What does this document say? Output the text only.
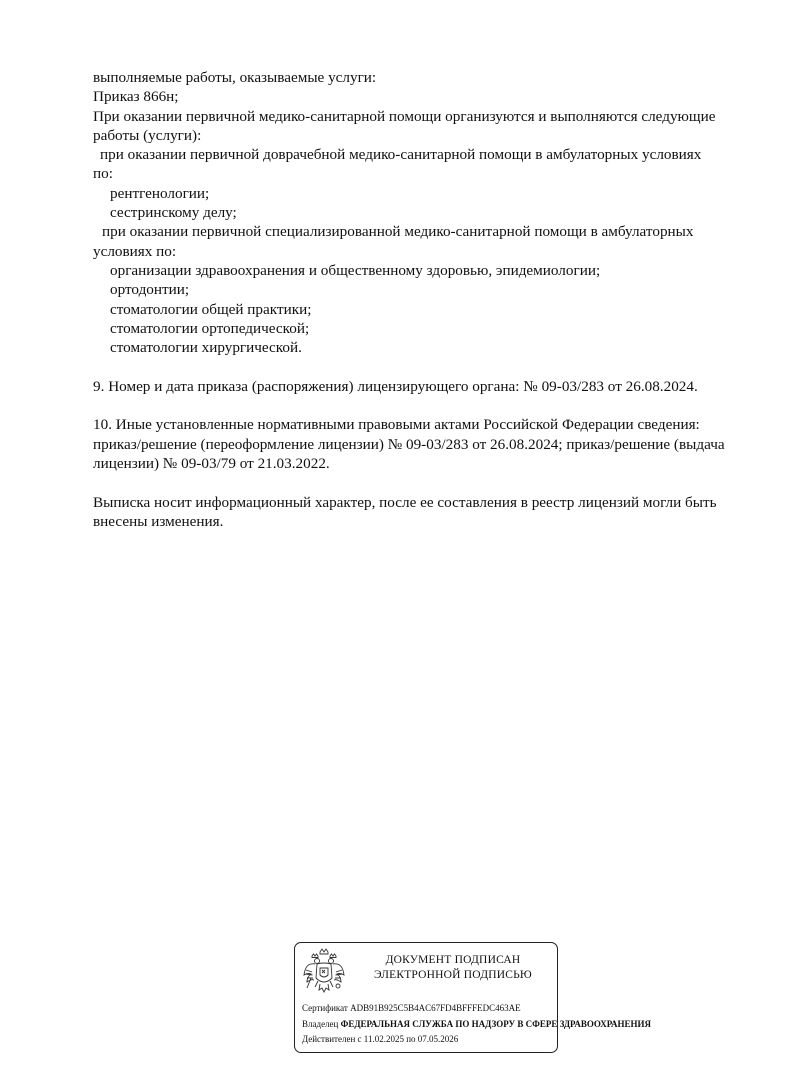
выполняемые работы, оказываемые услуги:
Приказ 866н;
При оказании первичной медико-санитарной помощи организуются и выполняются следующие
работы (услуги):
при оказании первичной доврачебной медико-санитарной помощи в амбулаторных условиях
по:
рентгенологии;
сестринскому делу;
при оказании первичной специализированной медико-санитарной помощи в амбулаторных
условиях по:
организации здравоохранения и общественному здоровью, эпидемиологии;
ортодонтии;
стоматологии общей практики;
стоматологии ортопедической;
стоматологии хирургической.
9. Номер и дата приказа (распоряжения) лицензирующего органа: № 09-03/283 от 26.08.2024.
10. Иные установленные нормативными правовыми актами Российской Федерации сведения:
приказ/решение (переоформление лицензии) № 09-03/283 от 26.08.2024; приказ/решение (выдача
лицензии) № 09-03/79 от 21.03.2022.
Выписка носит информационный характер, после ее составления в реестр лицензий могли быть
внесены изменения.
ДОКУМЕНТ ПОДПИСАН
ЭЛЕКТРОННОЙ ПОДПИСЬЮ
Сертификат ADB91B925C5B4AC67FD4BFFFEDC463AE
Владелец ФЕДЕРАЛЬНАЯ СЛУЖБА ПО НАДЗОРУ В СФЕРЕ ЗДРАВООХРАНЕНИЯ
Действителен с 11.02.2025 по 07.05.2026
